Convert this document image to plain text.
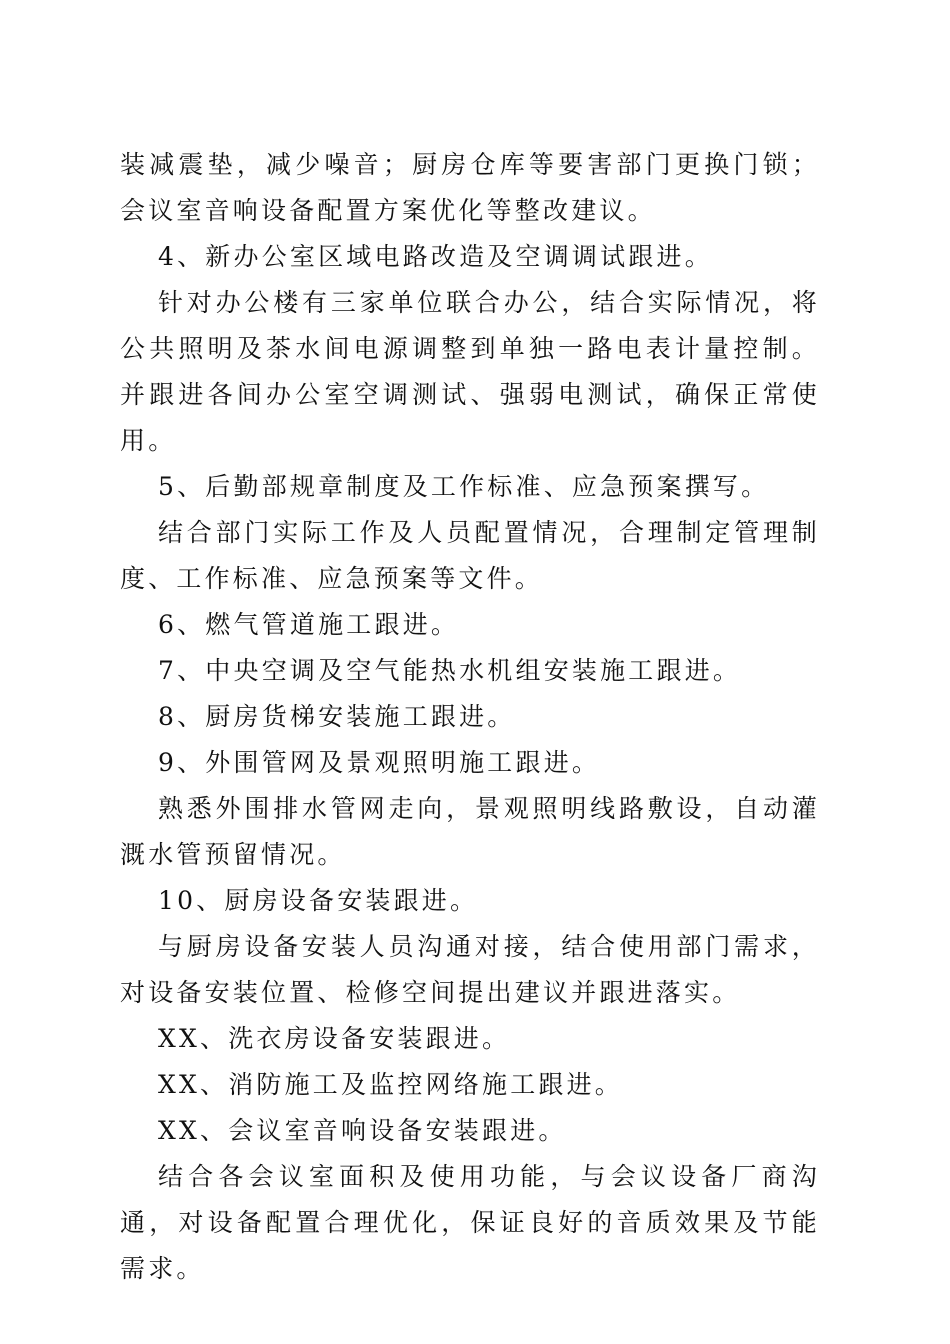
装减震垫，减少噪音；厨房仓库等要害部门更换门锁；会议室音响设备配置方案优化等整改建议。

4、新办公室区域电路改造及空调调试跟进。

针对办公楼有三家单位联合办公，结合实际情况，将公共照明及茶水间电源调整到单独一路电表计量控制。并跟进各间办公室空调测试、强弱电测试，确保正常使用。

5、后勤部规章制度及工作标准、应急预案撰写。

结合部门实际工作及人员配置情况，合理制定管理制度、工作标准、应急预案等文件。

6、燃气管道施工跟进。

7、中央空调及空气能热水机组安装施工跟进。

8、厨房货梯安装施工跟进。

9、外围管网及景观照明施工跟进。

熟悉外围排水管网走向，景观照明线路敷设，自动灌溉水管预留情况。

10、厨房设备安装跟进。

与厨房设备安装人员沟通对接，结合使用部门需求，对设备安装位置、检修空间提出建议并跟进落实。

XX、洗衣房设备安装跟进。

XX、消防施工及监控网络施工跟进。

XX、会议室音响设备安装跟进。

结合各会议室面积及使用功能，与会议设备厂商沟通，对设备配置合理优化，保证良好的音质效果及节能需求。
